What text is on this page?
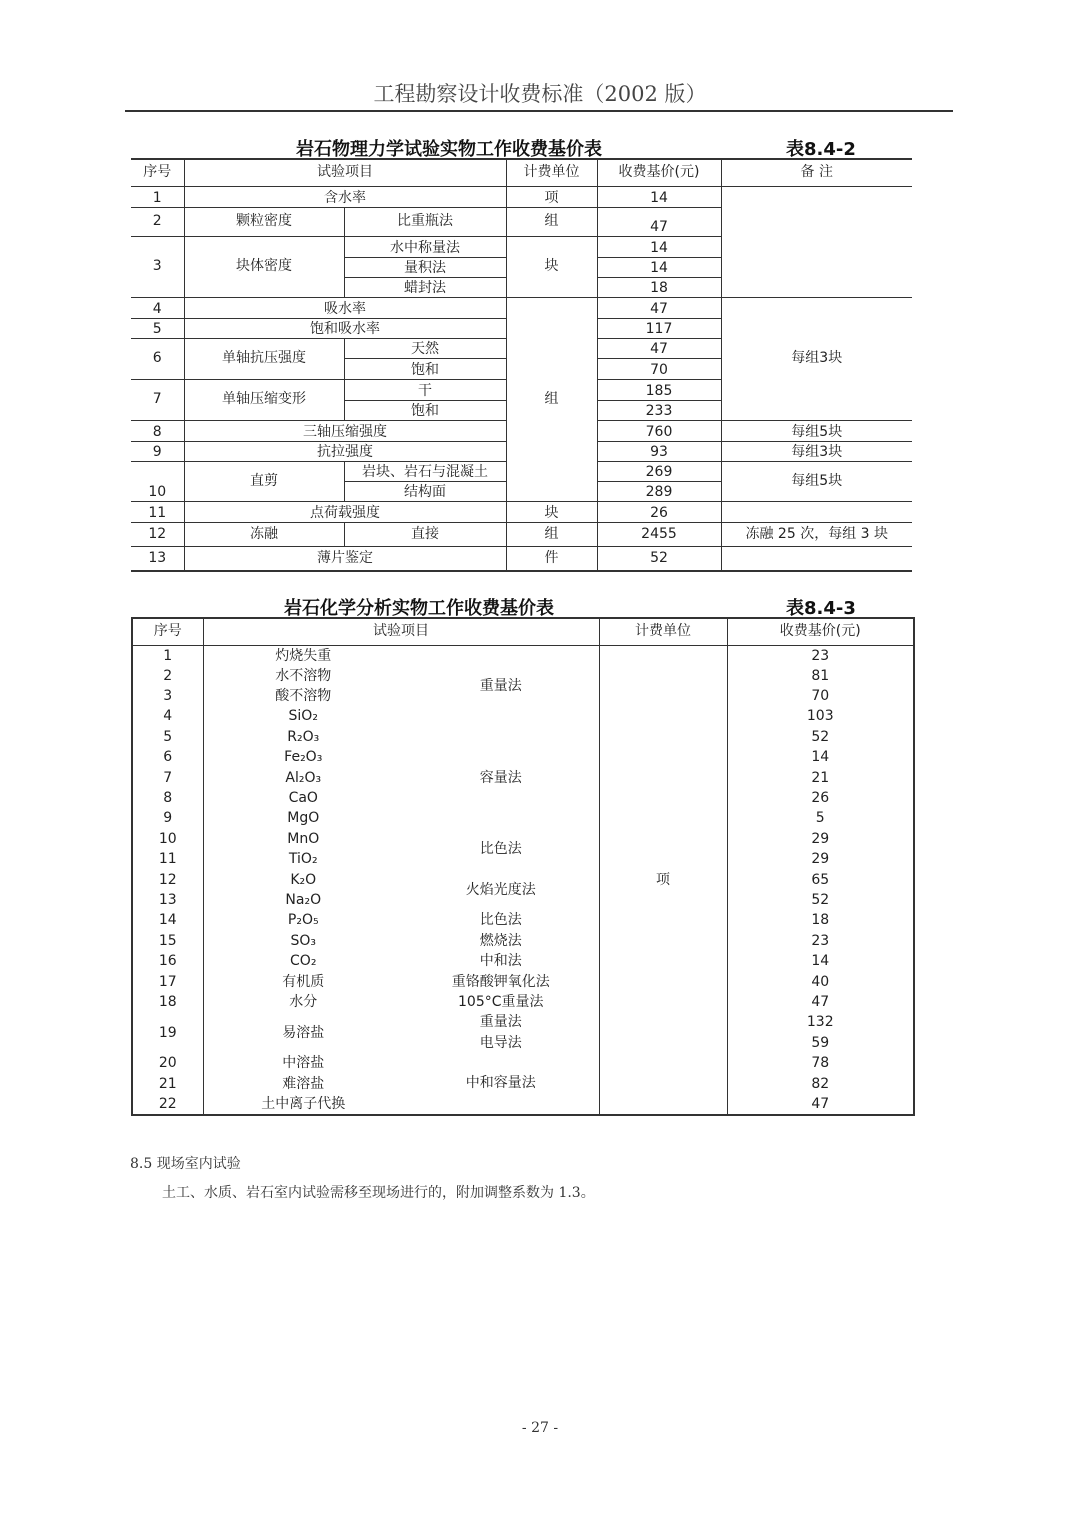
工程勘察设计收费标准（2002 版）
岩石物理力学试验实物工作收费基价表	表8.4-2
序号	试验项目		计费单位	收费基价(元)	备 注
1	含水率		项	14	
2	颗粒密度	比重瓶法	组	47	
3	块体密度	水中称量法	块	14	
		量积法		14	
		蜡封法		18	
4	吸水率		组	47	每组3块
5	饱和吸水率			117	
6	单轴抗压强度	天然		47	
		饱和		70	
7	单轴压缩变形	干		185	
		饱和		233	
8	三轴压缩强度			760	每组5块
9	抗拉强度			93	每组3块
10	直剪	岩块、岩石与混凝土		269	每组5块
		结构面		289	
11	点荷载强度		块	26	
12	冻融	直接	组	2455	冻融 25 次，每组 3 块
13	薄片鉴定		件	52	
岩石化学分析实物工作收费基价表	表8.4-3
序号	试验项目		计费单位	收费基价(元)
1	灼烧失重	重量法	项	23
2	水不溶物			81
3	酸不溶物			70
4	SiO₂			103
5	R₂O₃	容量法		52
6	Fe₂O₃			14
7	Al₂O₃			21
8	CaO			26
9	MgO			5
10	MnO	比色法		29
11	TiO₂			29
12	K₂O	火焰光度法		65
13	Na₂O			52
14	P₂O₅	比色法		18
15	SO₃	燃烧法		23
16	CO₂	中和法		14
17	有机质	重铬酸钾氧化法		40
18	水分	105°C重量法		47
19	易溶盐	重量法		132
		电导法		59
20	中溶盐	中和容量法		78
21	难溶盐			82
22	土中离子代换			47
8.5 现场室内试验
土工、水质、岩石室内试验需移至现场进行的，附加调整系数为 1.3。
- 27 -
